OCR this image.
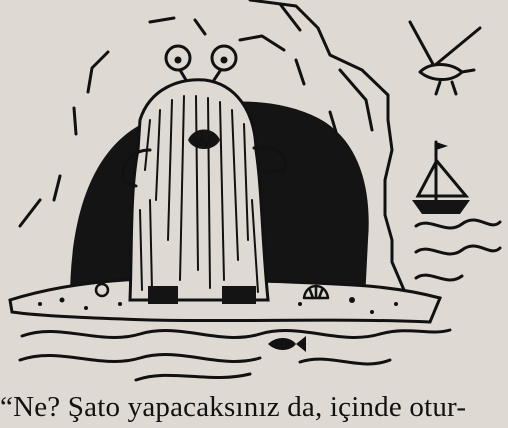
“Ne? Şato yapacaksınız da, içinde otur-
